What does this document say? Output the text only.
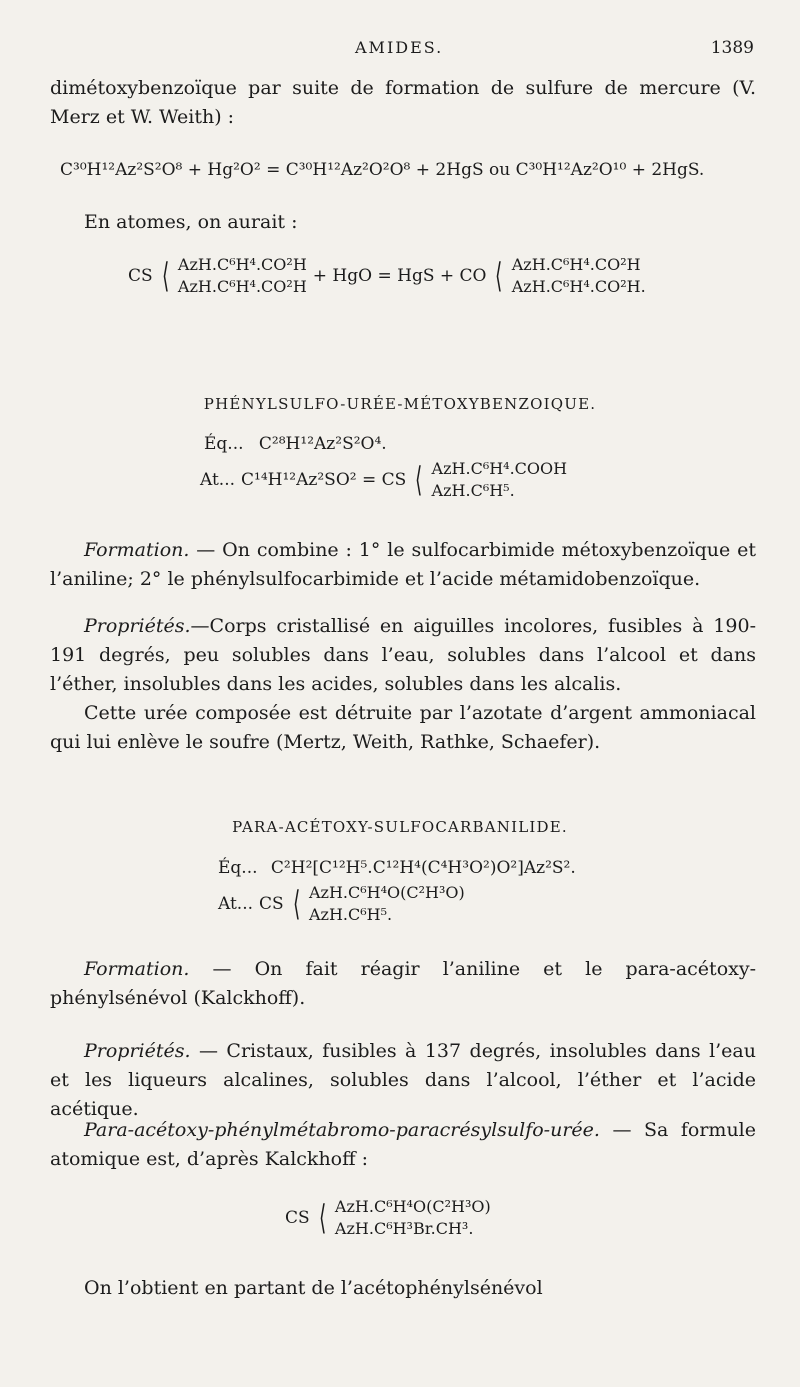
AMIDES.	1389

dimétoxybenzoïque par suite de formation de sulfure de mercure (V. Merz et W. Weith) :

C³⁰H¹²Az²S²O⁸ + Hg²O² = C³⁰H¹²Az²O²O⁸ + 2HgS ou C³⁰H¹²Az²O¹⁰ + 2HgS.
En atomes, on aurait :
CS ⟨ AzH.C⁶H⁴.CO²H
AzH.C⁶H⁴.CO²H
+ HgO = HgS + CO ⟨ AzH.C⁶H⁴.CO²H
AzH.C⁶H⁴.CO²H.
PHÉNYLSULFO-URÉE-MÉTOXYBENZOIQUE.
Éq... C²⁸H¹²Az²S²O⁴.
At... C¹⁴H¹²Az²SO² = CS ⟨ AzH.C⁶H⁴.COOH
AzH.C⁶H⁵.

Formation. — On combine : 1° le sulfocarbimide métoxybenzoïque et l’aniline; 2° le phénylsulfocarbimide et l’acide métamidobenzoïque.

Propriétés.—Corps cristallisé en aiguilles incolores, fusibles à 190-191 degrés, peu solubles dans l’eau, solubles dans l’alcool et dans l’éther, insolubles dans les acides, solubles dans les alcalis.

Cette urée composée est détruite par l’azotate d’argent ammoniacal qui lui enlève le soufre (Mertz, Weith, Rathke, Schaefer).

PARA-ACÉTOXY-SULFOCARBANILIDE.
Éq... C²H²[C¹²H⁵.C¹²H⁴(C⁴H³O²)O²]Az²S².
At... CS ⟨ AzH.C⁶H⁴O(C²H³O)
AzH.C⁶H⁵.

Formation. — On fait réagir l’aniline et le para-acétoxy-phénylsénévol (Kalckhoff).

Propriétés. — Cristaux, fusibles à 137 degrés, insolubles dans l’eau et les liqueurs alcalines, solubles dans l’alcool, l’éther et l’acide acétique.

Para-acétoxy-phénylmétabromo-paracrésylsulfo-urée. — Sa formule atomique est, d’après Kalckhoff :

CS ⟨ AzH.C⁶H⁴O(C²H³O)
AzH.C⁶H³Br.CH³.

On l’obtient en partant de l’acétophénylsénévol
